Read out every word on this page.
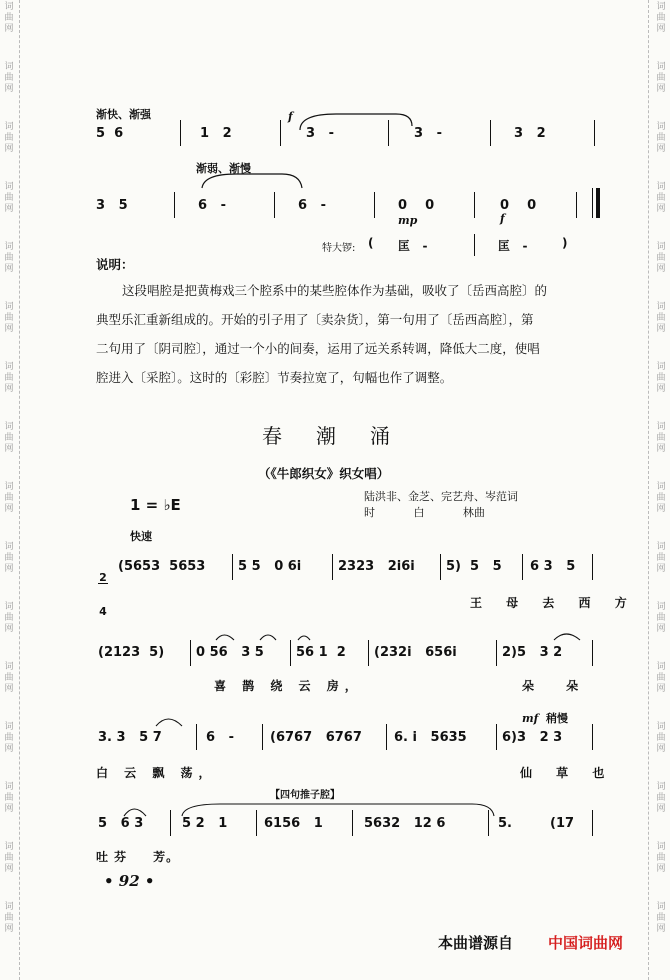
词
曲
网
词
曲
网
词
曲
网
词
曲
网
词
曲
网
词
曲
网
词
曲
网
词
曲
网
词
曲
网
词
曲
网
词
曲
网
词
曲
网
词
曲
网
词
曲
网
词
曲
网
词
曲
网
词
曲
网
词
曲
网
词
曲
网
词
曲
网
词
曲
网
词
曲
网
词
曲
网
词
曲
网
词
曲
网
词
曲
网
词
曲
网
词
曲
网
词
曲
网
词
曲
网
词
曲
网
词
曲
网
渐快、渐强	f
5  6	1   2	3   -	3   -	3   2
渐弱、渐慢
3   5	6   -	6   -	0    0	0    0
mp	f
特大锣: ( 匡   -	匡   -	)
说明：
这段唱腔是把黄梅戏三个腔系中的某些腔体作为基础，吸收了〔岳西高腔〕的
典型乐汇重新组成的。开始的引子用了〔卖杂货〕，第一句用了〔岳西高腔〕，第
二句用了〔阴司腔〕，通过一个小的间奏，运用了远关系转调，降低大二度，使唱
腔进入〔采腔〕。这时的〔彩腔〕节奏拉宽了，句幅也作了调整。
春潮涌
（《牛郎织女》织女唱）
1 = ♭E	陆洪非、金芝、完艺舟、岑范词
时           白           林曲
快速

2

4

(5653  5653	5 5   0 6i	2323   2i6i 5)  5   5 6 3   5
王 母 去 西 方
(2123  5) 0 56   3 5 56 1  2 (232i   656i	2)5   3 2
喜 鹊 绕 云 房，	朵 朵
mf 稍慢
3. 3   5 7	6   -	(6767   6767 6. i   5635	6)3   2 3
白 云 飘 荡，	仙 草 也
【四句推子腔】
5   6 3	5 2   1	6156   1	5632   12 6	5.	(17
吐 芬     芳。
• 92 •
本曲谱源自 中国词曲网
